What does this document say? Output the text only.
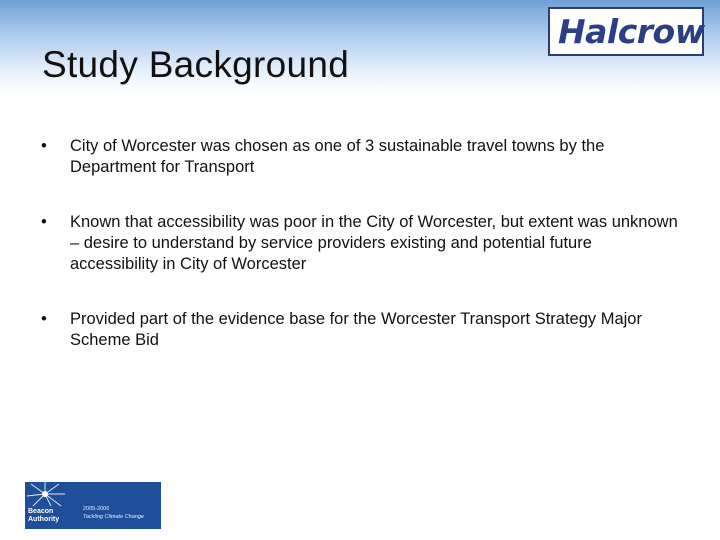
Study Background
Halcrow
• City of Worcester was chosen as one of 3 sustainable travel towns by the Department for Transport
• Known that accessibility was poor in the City of Worcester, but extent was unknown – desire to understand by service providers existing and potential future accessibility in City of Worcester
• Provided part of the evidence base for the Worcester Transport Strategy Major Scheme Bid
Beacon
Authority
2005-2006
Tackling Climate Change
